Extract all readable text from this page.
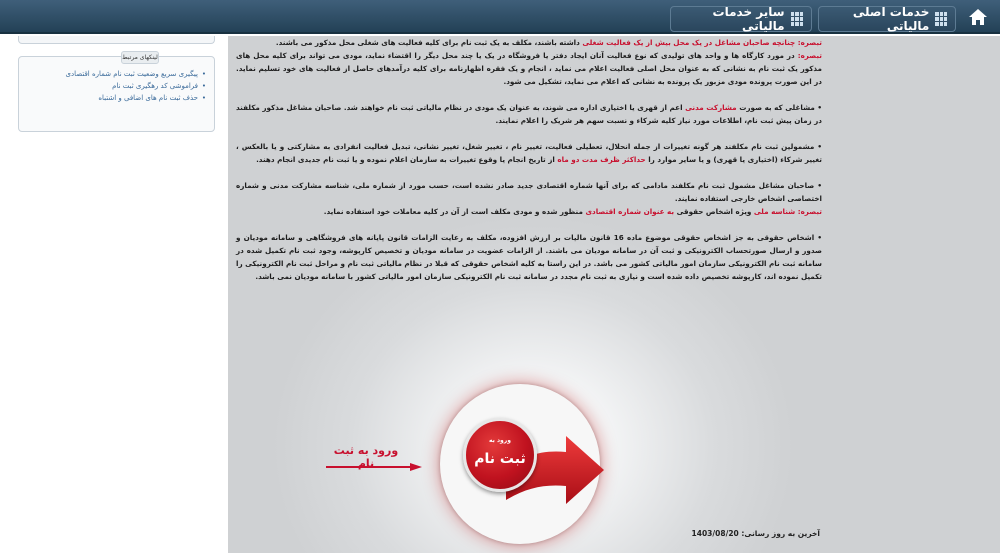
خدمات اصلی مالیاتی
سایر خدمات مالیاتی
لینکهای مرتبط
• پیگیری سریع وضعیت ثبت نام شماره اقتصادی
• فراموشی کد رهگیری ثبت نام
• حذف ثبت نام های اضافی و اشتباه

تبصره: چنانچه صاحبان مشاغل در یک محل بیش از یک فعالیت شغلی داشته باشند، مکلف به یک ثبت نام برای کلیه فعالیت های شغلی محل مذکور می باشند.

تبصره: در مورد کارگاه ها و واحد های تولیدی که نوع فعالیت آنان ایجاد دفتر یا فروشگاه در یک یا چند محل دیگر را اقتضاء نماید، مودی می تواند برای کلیه محل های مذکور یک ثبت نام به نشانی که به عنوان محل اصلی فعالیت اعلام می نماید ، انجام و یک فقره اظهارنامه برای کلیه درآمدهای حاصل از فعالیت های خود تسلیم نماید. در این صورت پرونده مودی مزبور یک پرونده به نشانی که اعلام می نماید، تشکیل می شود.

• مشاغلی که به صورت مشارکت مدنی اعم از قهری یا اختیاری اداره می شوند، به عنوان یک مودی در نظام مالیاتی ثبت نام خواهند شد. صاحبان مشاغل مذکور مکلفند در زمان پیش ثبت نام، اطلاعات مورد نیاز کلیه شرکاء و نسبت سهم هر شریک را اعلام نمایند.

• مشمولین ثبت نام مکلفند هر گونه تغییرات از جمله انحلال، تعطیلی فعالیت، تغییر نام ، تغییر شغل، تغییر نشانی، تبدیل فعالیت انفرادی به مشارکتی و یا بالعکس ، تغییر شرکاء (اختیاری یا قهری) و یا سایر موارد را حداکثر ظرف مدت دو ماه از تاریخ انجام یا وقوع تغییرات به سازمان اعلام نموده و یا ثبت نام جدیدی انجام دهند.

• صاحبان مشاغل مشمول ثبت نام مکلفند مادامی که برای آنها شماره اقتصادی جدید صادر نشده است، حسب مورد از شماره ملی، شناسه مشارکت مدنی و شماره اختصاصی اشخاص خارجی استفاده نمایند.

تبصره: شناسه ملی ویژه اشخاص حقوقی به عنوان شماره اقتصادی منظور شده و مودی مکلف است از آن در کلیه معاملات خود استفاده نماید.

• اشخاص حقوقی به جز اشخاص حقوقی موضوع ماده 16 قانون مالیات بر ارزش افزوده، مکلف به رعایت الزامات قانون پایانه های فروشگاهی و سامانه مودیان و صدور و ارسال صورتحساب الکترونیکی و ثبت آن در سامانه مودیان می باشند. از الزامات عضویت در سامانه مودیان و تخصیص کارپوشه، وجود ثبت نام تکمیل شده در سامانه ثبت نام الکترونیکی سازمان امور مالیاتی کشور می باشد. در این راستا به کلیه اشخاص حقوقی که قبلا در نظام مالیاتی ثبت نام و مراحل ثبت نام الکترونیکی را تکمیل نموده اند، کارپوشه تخصیص داده شده است و نیازی به ثبت نام مجدد در سامانه ثبت نام الکترونیکی سازمان امور مالیاتی کشور با سامانه مودیان نمی باشد.

ورود به
ثبت نام
ورود به ثبت نام
آخرین به روز رسانی: 1403/08/20
